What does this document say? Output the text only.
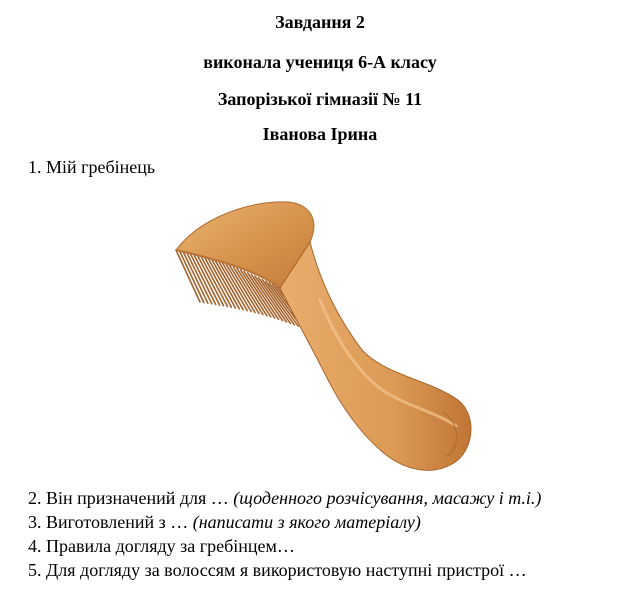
Завдання 2

виконала учениця 6-А класу

Запорізької гімназії № 11

Іванова Ірина

1. Мій гребінець

2. Він призначений для … (щоденного розчісування, масажу і т.і.)

3. Виготовлений з … (написати з якого матеріалу)

4. Правила догляду за гребінцем…

5. Для догляду за волоссям я використовую наступні пристрої …
